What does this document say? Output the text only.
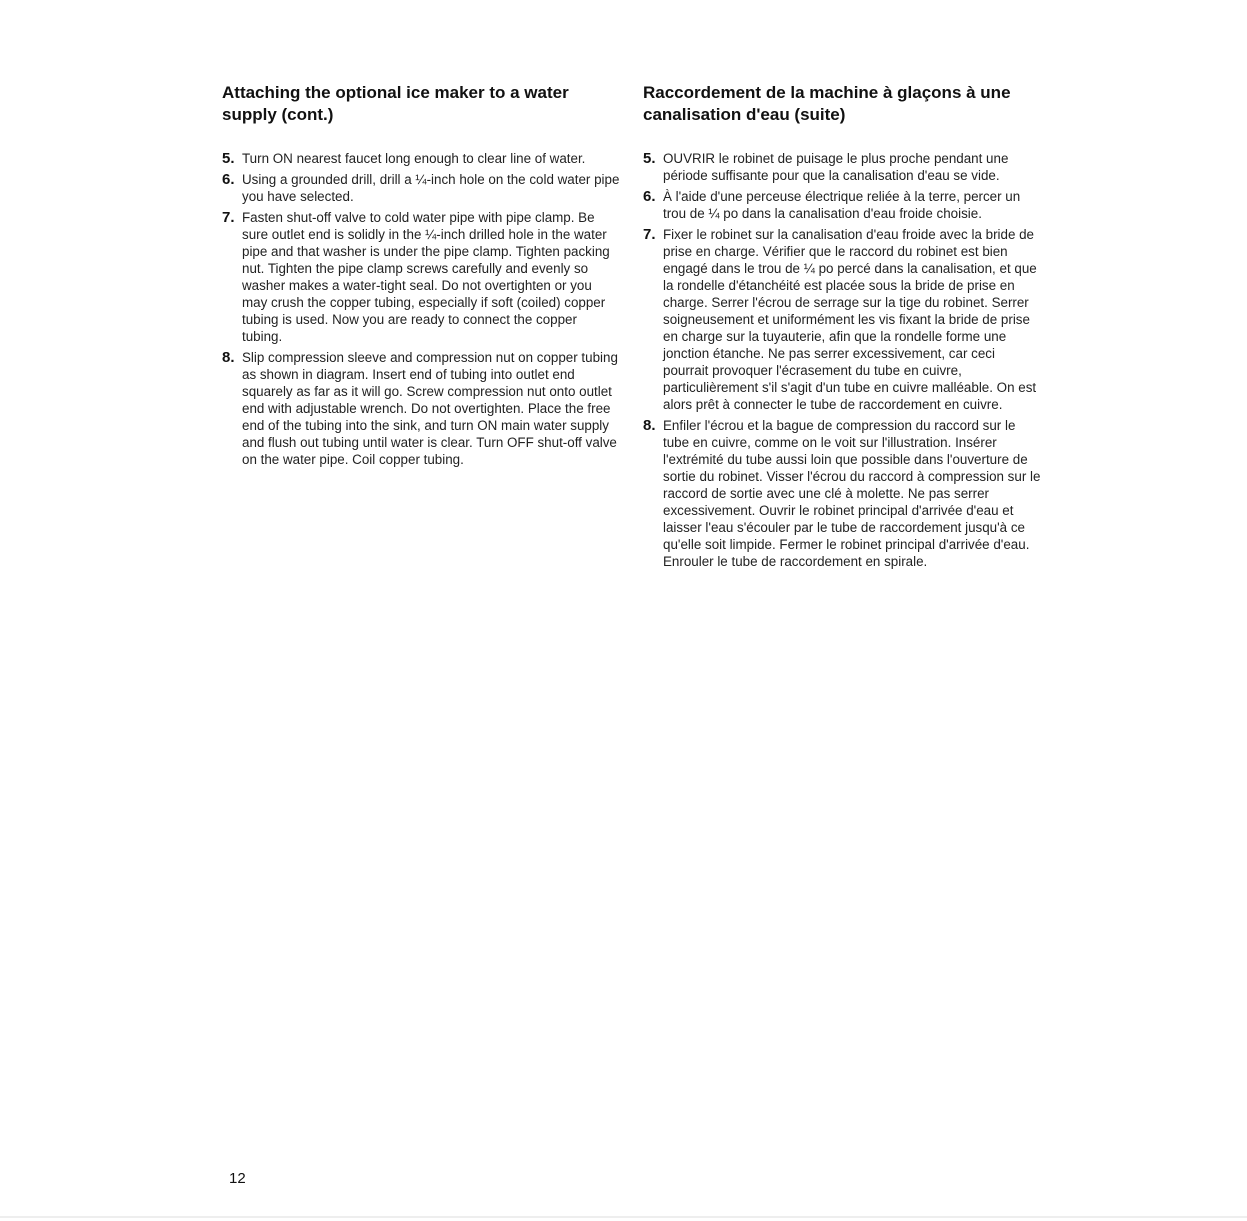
Attaching the optional ice maker to a water supply (cont.)
5. Turn ON nearest faucet long enough to clear line of water.
6. Using a grounded drill, drill a ¼-inch hole on the cold water pipe you have selected.
7. Fasten shut-off valve to cold water pipe with pipe clamp. Be sure outlet end is solidly in the ¼-inch drilled hole in the water pipe and that washer is under the pipe clamp. Tighten packing nut. Tighten the pipe clamp screws carefully and evenly so washer makes a water-tight seal. Do not overtighten or you may crush the copper tubing, especially if soft (coiled) copper tubing is used. Now you are ready to connect the copper tubing.
8. Slip compression sleeve and compression nut on copper tubing as shown in diagram. Insert end of tubing into outlet end squarely as far as it will go. Screw compression nut onto outlet end with adjustable wrench. Do not overtighten. Place the free end of the tubing into the sink, and turn ON main water supply and flush out tubing until water is clear. Turn OFF shut-off valve on the water pipe. Coil copper tubing.
Raccordement de la machine à glaçons à une canalisation d'eau (suite)
5. OUVRIR le robinet de puisage le plus proche pendant une période suffisante pour que la canalisation d'eau se vide.
6. À l'aide d'une perceuse électrique reliée à la terre, percer un trou de ¼ po dans la canalisation d'eau froide choisie.
7. Fixer le robinet sur la canalisation d'eau froide avec la bride de prise en charge. Vérifier que le raccord du robinet est bien engagé dans le trou de ¼ po percé dans la canalisation, et que la rondelle d'étanchéité est placée sous la bride de prise en charge. Serrer l'écrou de serrage sur la tige du robinet. Serrer soigneusement et uniformément les vis fixant la bride de prise en charge sur la tuyauterie, afin que la rondelle forme une jonction étanche. Ne pas serrer excessivement, car ceci pourrait provoquer l'écrasement du tube en cuivre, particulièrement s'il s'agit d'un tube en cuivre malléable. On est alors prêt à connecter le tube de raccordement en cuivre.
8. Enfiler l'écrou et la bague de compression du raccord sur le tube en cuivre, comme on le voit sur l'illustration. Insérer l'extrémité du tube aussi loin que possible dans l'ouverture de sortie du robinet. Visser l'écrou du raccord à compression sur le raccord de sortie avec une clé à molette. Ne pas serrer excessivement. Ouvrir le robinet principal d'arrivée d'eau et laisser l'eau s'écouler par le tube de raccordement jusqu'à ce qu'elle soit limpide. Fermer le robinet principal d'arrivée d'eau. Enrouler le tube de raccordement en spirale.
12
